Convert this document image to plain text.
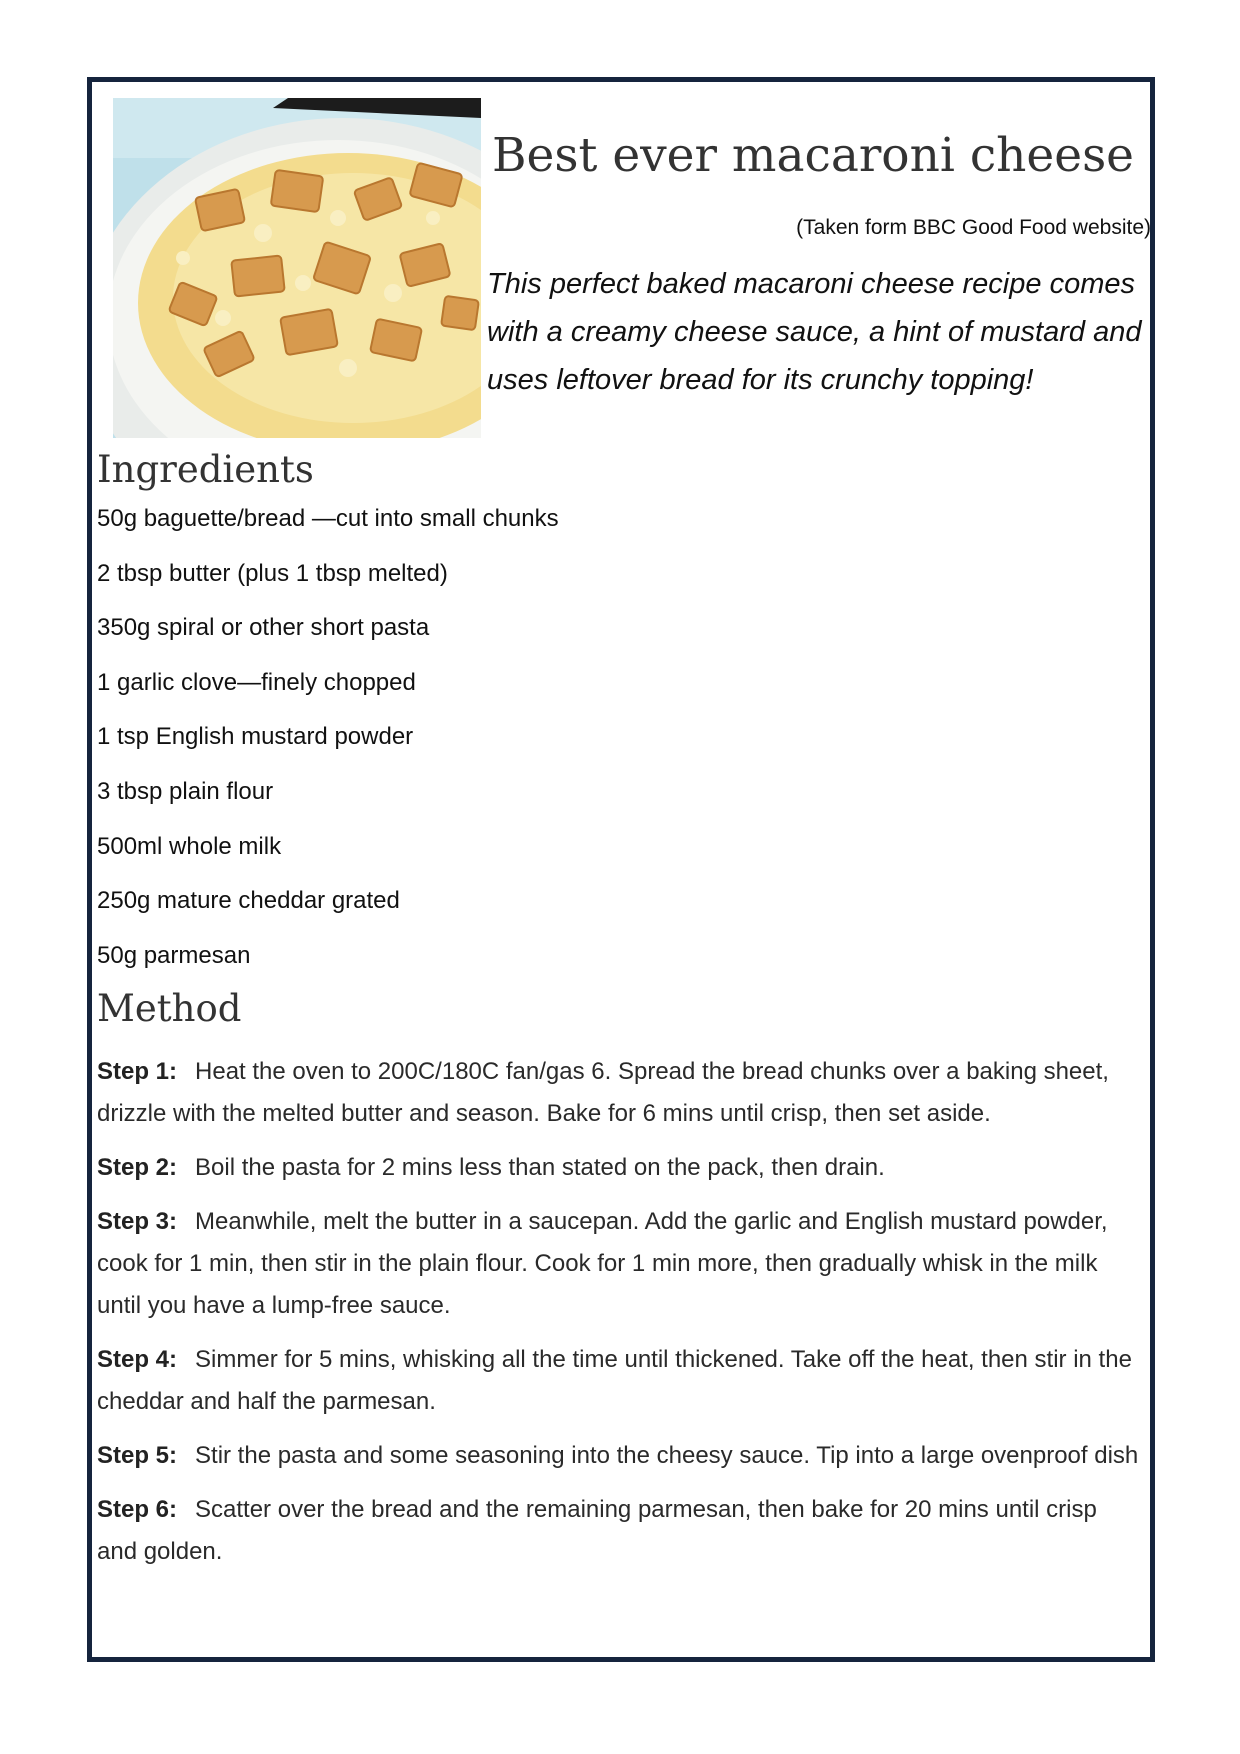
Best ever macaroni cheese
(Taken form BBC Good Food website)
This perfect baked macaroni cheese recipe comes with a creamy cheese sauce, a hint of mustard and uses leftover bread for its crunchy topping!
Ingredients
50g baguette/bread —cut into small chunks
2 tbsp butter (plus 1 tbsp melted)
350g spiral or other short pasta
1 garlic clove—finely chopped
1 tsp English mustard powder
3 tbsp plain flour
500ml whole milk
250g mature cheddar grated
50g parmesan
Method
Step 1: Heat the oven to 200C/180C fan/gas 6. Spread the bread chunks over a baking sheet, drizzle with the melted butter and season. Bake for 6 mins until crisp, then set aside.
Step 2: Boil the pasta for 2 mins less than stated on the pack, then drain.
Step 3: Meanwhile, melt the butter in a saucepan. Add the garlic and English mustard powder, cook for 1 min, then stir in the plain flour. Cook for 1 min more, then gradually whisk in the milk until you have a lump-free sauce.
Step 4: Simmer for 5 mins, whisking all the time until thickened. Take off the heat, then stir in the cheddar and half the parmesan.
Step 5: Stir the pasta and some seasoning into the cheesy sauce. Tip into a large ovenproof dish
Step 6: Scatter over the bread and the remaining parmesan, then bake for 20 mins until crisp and golden.
